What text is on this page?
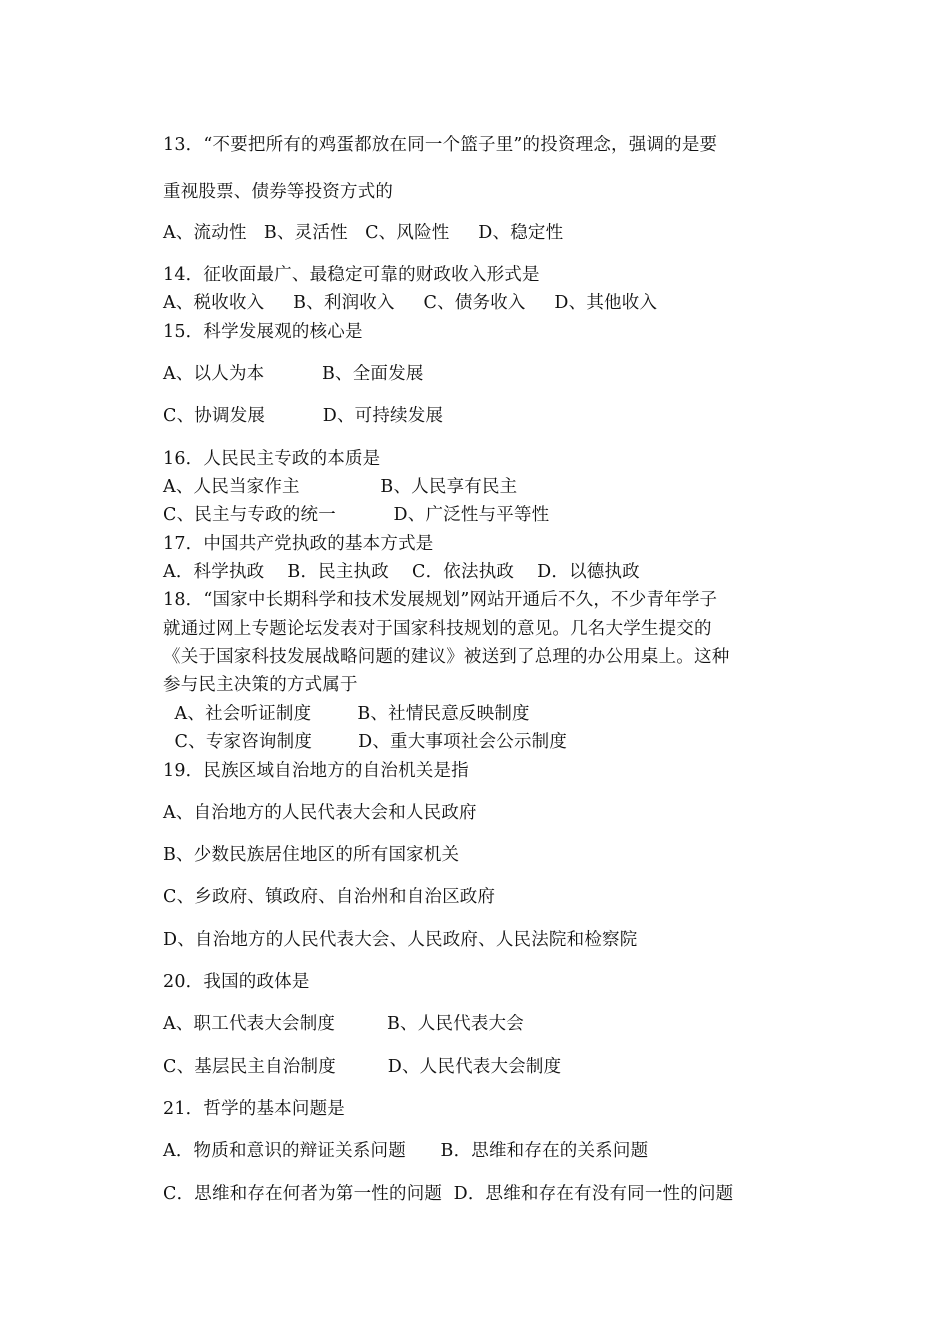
13．“不要把所有的鸡蛋都放在同一个篮子里”的投资理念，强调的是要
重视股票、债券等投资方式的
A、流动性   B、灵活性   C、风险性     D、稳定性
14．征收面最广、最稳定可靠的财政收入形式是
A、税收收入     B、利润收入     C、债务收入     D、其他收入
15．科学发展观的核心是
A、以人为本          B、全面发展
C、协调发展          D、可持续发展
16．人民民主专政的本质是
A、人民当家作主              B、人民享有民主
C、民主与专政的统一          D、广泛性与平等性
17．中国共产党执政的基本方式是
A．科学执政    B．民主执政    C．依法执政    D．以德执政
18．“国家中长期科学和技术发展规划”网站开通后不久，不少青年学子
就通过网上专题论坛发表对于国家科技规划的意见。几名大学生提交的
《关于国家科技发展战略问题的建议》被送到了总理的办公用桌上。这种
参与民主决策的方式属于
A、社会听证制度        B、社情民意反映制度
C、专家咨询制度        D、重大事项社会公示制度
19．民族区域自治地方的自治机关是指
A、自治地方的人民代表大会和人民政府
B、少数民族居住地区的所有国家机关
C、乡政府、镇政府、自治州和自治区政府
D、自治地方的人民代表大会、人民政府、人民法院和检察院
20．我国的政体是
A、职工代表大会制度         B、人民代表大会
C、基层民主自治制度         D、人民代表大会制度
21．哲学的基本问题是
A．物质和意识的辩证关系问题      B．思维和存在的关系问题
C．思维和存在何者为第一性的问题  D．思维和存在有没有同一性的问题
